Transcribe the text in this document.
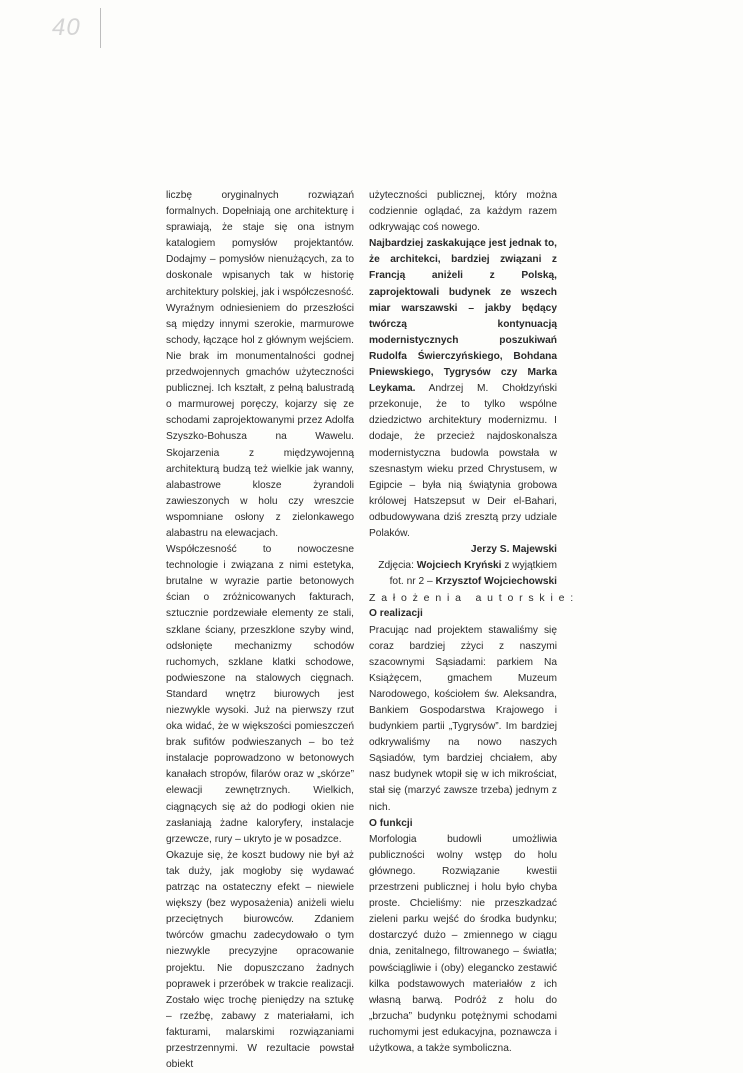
40

liczbę oryginalnych rozwiązań formalnych. Dopełniają one architekturę i sprawiają, że staje się ona istnym katalogiem pomysłów projektantów. Dodajmy – pomysłów nienużących, za to doskonale wpisanych tak w historię architektury polskiej, jak i współczesność. Wyraźnym odniesieniem do przeszłości są między innymi szerokie, marmurowe schody, łączące hol z głównym wejściem. Nie brak im monumentalności godnej przedwojennych gmachów użyteczności publicznej. Ich kształt, z pełną balustradą o marmurowej poręczy, kojarzy się ze schodami zaprojektowanymi przez Adolfa Szyszko-Bohusza na Wawelu. Skojarzenia z międzywojenną architekturą budzą też wielkie jak wanny, alabastrowe klosze żyrandoli zawieszonych w holu czy wreszcie wspomniane osłony z zielonkawego alabastru na elewacjach.

Współczesność to nowoczesne technologie i związana z nimi estetyka, brutalne w wyrazie partie betonowych ścian o zróżnicowanych fakturach, sztucznie pordzewiałe elementy ze stali, szklane ściany, przeszklone szyby wind, odsłonięte mechanizmy schodów ruchomych, szklane klatki schodowe, podwieszone na stalowych cięgnach. Standard wnętrz biurowych jest niezwykle wysoki. Już na pierwszy rzut oka widać, że w większości pomieszczeń brak sufitów podwieszanych – bo też instalacje poprowadzono w betonowych kanałach stropów, filarów oraz w „skórze” elewacji zewnętrznych. Wielkich, ciągnących się aż do podłogi okien nie zasłaniają żadne kaloryfery, instalacje grzewcze, rury – ukryto je w posadzce.

Okazuje się, że koszt budowy nie był aż tak duży, jak mogłoby się wydawać patrząc na ostateczny efekt – niewiele większy (bez wyposażenia) aniżeli wielu przeciętnych biurowców. Zdaniem twórców gmachu zadecydowało o tym niezwykle precyzyjne opracowanie projektu. Nie dopuszczano żadnych poprawek i przeróbek w trakcie realizacji. Zostało więc trochę pieniędzy na sztukę – rzeźbę, zabawy z materiałami, ich fakturami, malarskimi rozwiązaniami przestrzennymi. W rezultacie powstał obiekt

użyteczności publicznej, który można codziennie oglądać, za każdym razem odkrywając coś nowego.

Najbardziej zaskakujące jest jednak to, że architekci, bardziej związani z Francją aniżeli z Polską, zaprojektowali budynek ze wszech miar warszawski – jakby będący twórczą kontynuacją modernistycznych poszukiwań Rudolfa Świerczyńskiego, Bohdana Pniewskiego, Tygrysów czy Marka Leykama. Andrzej M. Chołdzyński przekonuje, że to tylko wspólne dziedzictwo architektury modernizmu. I dodaje, że przecież najdoskonalsza modernistyczna budowla powstała w szesnastym wieku przed Chrystusem, w Egipcie – była nią świątynia grobowa królowej Hatszepsut w Deir el-Bahari, odbudowywana dziś zresztą przy udziale Polaków.

Jerzy S. Majewski

Zdjęcia: Wojciech Kryński z wyjątkiem

fot. nr 2 – Krzysztof Wojciechowski

Założenia autorskie:

O realizacji

Pracując nad projektem stawaliśmy się coraz bardziej zżyci z naszymi szacownymi Sąsiadami: parkiem Na Książęcem, gmachem Muzeum Narodowego, kościołem św. Aleksandra, Bankiem Gospodarstwa Krajowego i budynkiem partii „Tygrysów”. Im bardziej odkrywaliśmy na nowo naszych Sąsiadów, tym bardziej chciałem, aby nasz budynek wtopił się w ich mikrościat, stał się (marzyć zawsze trzeba) jednym z nich.

O funkcji

Morfologia budowli umożliwia publiczności wolny wstęp do holu głównego. Rozwiązanie kwestii przestrzeni publicznej i holu było chyba proste. Chcieliśmy: nie przeszkadzać zieleni parku wejść do środka budynku; dostarczyć dużo – zmiennego w ciągu dnia, zenitalnego, filtrowanego – światła; powściągliwie i (oby) elegancko zestawić kilka podstawowych materiałów z ich własną barwą. Podróż z holu do „brzucha” budynku potężnymi schodami ruchomymi jest edukacyjna, poznawcza i użytkowa, a także symboliczna.
